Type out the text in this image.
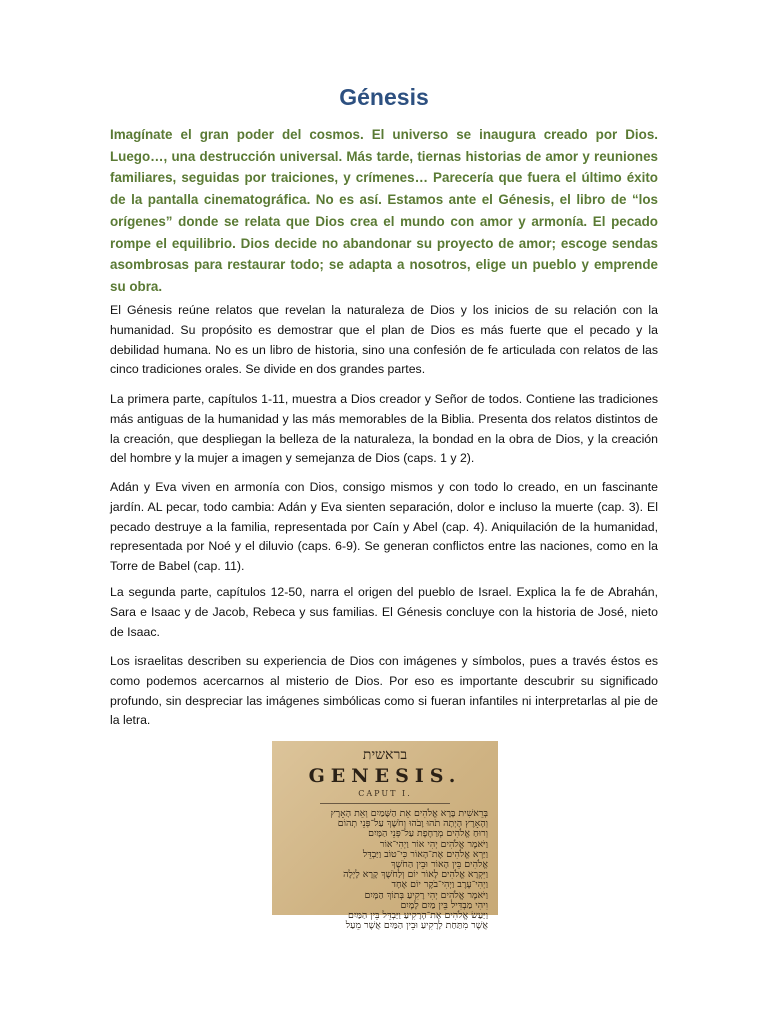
Génesis

Imagínate el gran poder del cosmos. El universo se inaugura creado por Dios. Luego…, una destrucción universal. Más tarde, tiernas historias de amor y reuniones familiares, seguidas por traiciones, y crímenes… Parecería que fuera el último éxito de la pantalla cinematográfica. No es así. Estamos ante el Génesis, el libro de “los orígenes” donde se relata que Dios crea el mundo con amor y armonía. El pecado rompe el equilibrio. Dios decide no abandonar su proyecto de amor; escoge sendas asombrosas para restaurar todo; se adapta a nosotros, elige un pueblo y emprende su obra.

El Génesis reúne relatos que revelan la naturaleza de Dios y los inicios de su relación con la humanidad. Su propósito es demostrar que el plan de Dios es más fuerte que el pecado y la debilidad humana. No es un libro de historia, sino una confesión de fe articulada con relatos de las cinco tradiciones orales. Se divide en dos grandes partes.

La primera parte, capítulos 1-11, muestra a Dios creador y Señor de todos. Contiene las tradiciones más antiguas de la humanidad y las más memorables de la Biblia. Presenta dos relatos distintos de la creación, que despliegan la belleza de la naturaleza, la bondad en la obra de Dios, y la creación del hombre y la mujer a imagen y semejanza de Dios (caps. 1 y 2).

Adán y Eva viven en armonía con Dios, consigo mismos y con todo lo creado, en un fascinante jardín. AL pecar, todo cambia: Adán y Eva sienten separación, dolor e incluso la muerte (cap. 3). El pecado destruye a la familia, representada por Caín y Abel (cap. 4). Aniquilación de la humanidad, representada por Noé y el diluvio (caps. 6-9). Se generan conflictos entre las naciones, como en la Torre de Babel (cap. 11).

La segunda parte, capítulos 12-50, narra el origen del pueblo de Israel. Explica la fe de Abrahán, Sara e Isaac y de Jacob, Rebeca y sus familias. El Génesis concluye con la historia de José, nieto de Isaac.

Los israelitas describen su experiencia de Dios con imágenes y símbolos, pues a través éstos es como podemos acercarnos al misterio de Dios. Por eso es importante descubrir su significado profundo, sin despreciar las imágenes simbólicas como si fueran infantiles ni interpretarlas al pie de la letra.

בראשית
GENESIS.
CAPUT I.
בְּרֵאשִׁית בָּרָא אֱלֹהִים אֵת הַשָּׁמַיִם וְאֵת הָאָרֶץ
וְהָאָרֶץ הָיְתָה תֹהוּ וָבֹהוּ וְחֹשֶׁךְ עַל־פְּנֵי תְהוֹם
וְרוּחַ אֱלֹהִים מְרַחֶפֶת עַל־פְּנֵי הַמָּיִם
וַיֹּאמֶר אֱלֹהִים יְהִי אוֹר וַיְהִי־אוֹר
וַיַּרְא אֱלֹהִים אֶת־הָאוֹר כִּי־טוֹב וַיַּבְדֵּל
אֱלֹהִים בֵּין הָאוֹר וּבֵין הַחֹשֶׁךְ
וַיִּקְרָא אֱלֹהִים לָאוֹר יוֹם וְלַחֹשֶׁךְ קָרָא לָיְלָה
וַיְהִי־עֶרֶב וַיְהִי־בֹקֶר יוֹם אֶחָד
וַיֹּאמֶר אֱלֹהִים יְהִי רָקִיעַ בְּתוֹךְ הַמָּיִם
וִיהִי מַבְדִּיל בֵּין מַיִם לָמָיִם
וַיַּעַשׂ אֱלֹהִים אֶת־הָרָקִיעַ וַיַּבְדֵּל בֵּין הַמַּיִם
אֲשֶׁר מִתַּחַת לָרָקִיעַ וּבֵין הַמַּיִם אֲשֶׁר מֵעַל
